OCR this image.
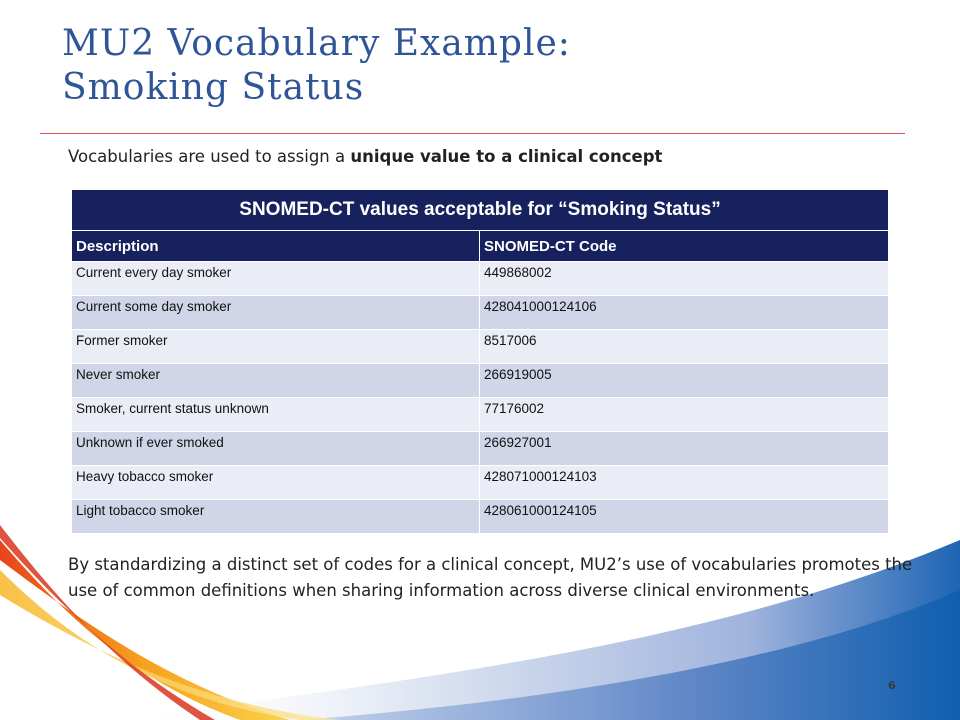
MU2 Vocabulary Example:
Smoking Status
Vocabularies are used to assign a unique value to a clinical concept
SNOMED-CT values acceptable for “Smoking Status”	
Description	SNOMED-CT Code
Current every day smoker	449868002
Current some day smoker	428041000124106
Former smoker	8517006
Never smoker	266919005
Smoker, current status unknown	77176002
Unknown if ever smoked	266927001
Heavy tobacco smoker	428071000124103
Light tobacco smoker	428061000124105
By standardizing a distinct set of codes for a clinical concept, MU2’s use of vocabularies promotes the use of common definitions when sharing information across diverse clinical environments.
6
